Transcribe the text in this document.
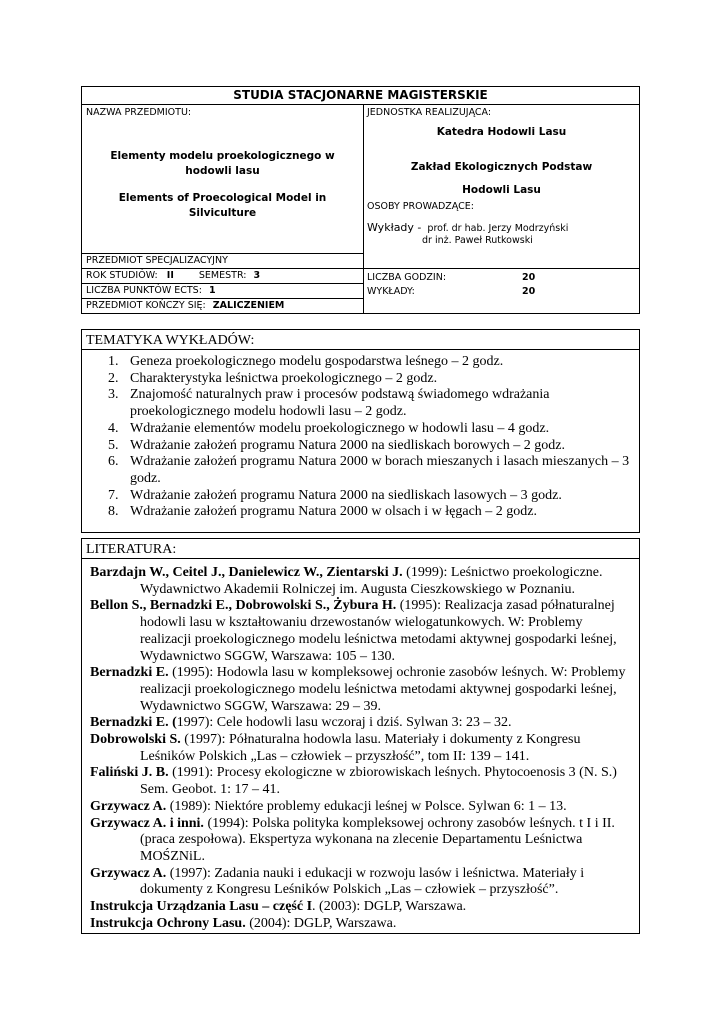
STUDIA STACJONARNE MAGISTERSKIE
NAZWA PRZEDMIOTU:
Elementy modelu proekologicznego w
hodowli lasu
Elements of Proecological Model in
Silviculture
PRZEDMIOT SPECJALIZACYJNY
ROK STUDIÓW: II	SEMESTR: 3
LICZBA PUNKTÓW ECTS: 1
PRZEDMIOT KOŃCZY SIĘ: ZALICZENIEM
JEDNOSTKA REALIZUJĄCA:
Katedra Hodowli Lasu
Zakład Ekologicznych Podstaw
Hodowli Lasu
OSOBY PROWADZĄCE:
Wykłady - prof. dr hab. Jerzy Modrzyński
dr inż. Paweł Rutkowski
LICZBA GODZIN:	20
WYKŁADY:	20
TEMATYKA WYKŁADÓW:
1. Geneza proekologicznego modelu gospodarstwa leśnego – 2 godz.
2. Charakterystyka leśnictwa proekologicznego – 2 godz.
3. Znajomość naturalnych praw i procesów podstawą świadomego wdrażania proekologicznego modelu hodowli lasu – 2 godz.
4. Wdrażanie elementów modelu proekologicznego w hodowli lasu – 4 godz.
5. Wdrażanie założeń programu Natura 2000 na siedliskach borowych – 2 godz.
6. Wdrażanie założeń programu Natura 2000 w borach mieszanych i lasach mieszanych – 3 godz.
7. Wdrażanie założeń programu Natura 2000 na siedliskach lasowych – 3 godz.
8. Wdrażanie założeń programu Natura 2000 w olsach i w łęgach – 2 godz.
LITERATURA:
Barzdajn W., Ceitel J., Danielewicz W., Zientarski J. (1999): Leśnictwo proekologiczne. Wydawnictwo Akademii Rolniczej im. Augusta Cieszkowskiego w Poznaniu.
Bellon S., Bernadzki E., Dobrowolski S., Żybura H. (1995): Realizacja zasad półnaturalnej hodowli lasu w kształtowaniu drzewostanów wielogatunkowych. W: Problemy realizacji proekologicznego modelu leśnictwa metodami aktywnej gospodarki leśnej, Wydawnictwo SGGW, Warszawa: 105 – 130.
Bernadzki E. (1995): Hodowla lasu w kompleksowej ochronie zasobów leśnych. W: Problemy realizacji proekologicznego modelu leśnictwa metodami aktywnej gospodarki leśnej, Wydawnictwo SGGW, Warszawa: 29 – 39.
Bernadzki E. (1997): Cele hodowli lasu wczoraj i dziś. Sylwan 3: 23 – 32.
Dobrowolski S. (1997): Półnaturalna hodowla lasu. Materiały i dokumenty z Kongresu Leśników Polskich „Las – człowiek – przyszłość”, tom II: 139 – 141.
Faliński J. B. (1991): Procesy ekologiczne w zbiorowiskach leśnych. Phytocoenosis 3 (N. S.) Sem. Geobot. 1: 17 – 41.
Grzywacz A. (1989): Niektóre problemy edukacji leśnej w Polsce. Sylwan 6: 1 – 13.
Grzywacz A. i inni. (1994): Polska polityka kompleksowej ochrony zasobów leśnych. t I i II. (praca zespołowa). Ekspertyza wykonana na zlecenie Departamentu Leśnictwa MOŚZNiL.
Grzywacz A. (1997): Zadania nauki i edukacji w rozwoju lasów i leśnictwa. Materiały i dokumenty z Kongresu Leśników Polskich „Las – człowiek – przyszłość”.
Instrukcja Urządzania Lasu – część I. (2003): DGLP, Warszawa.
Instrukcja Ochrony Lasu. (2004): DGLP, Warszawa.
